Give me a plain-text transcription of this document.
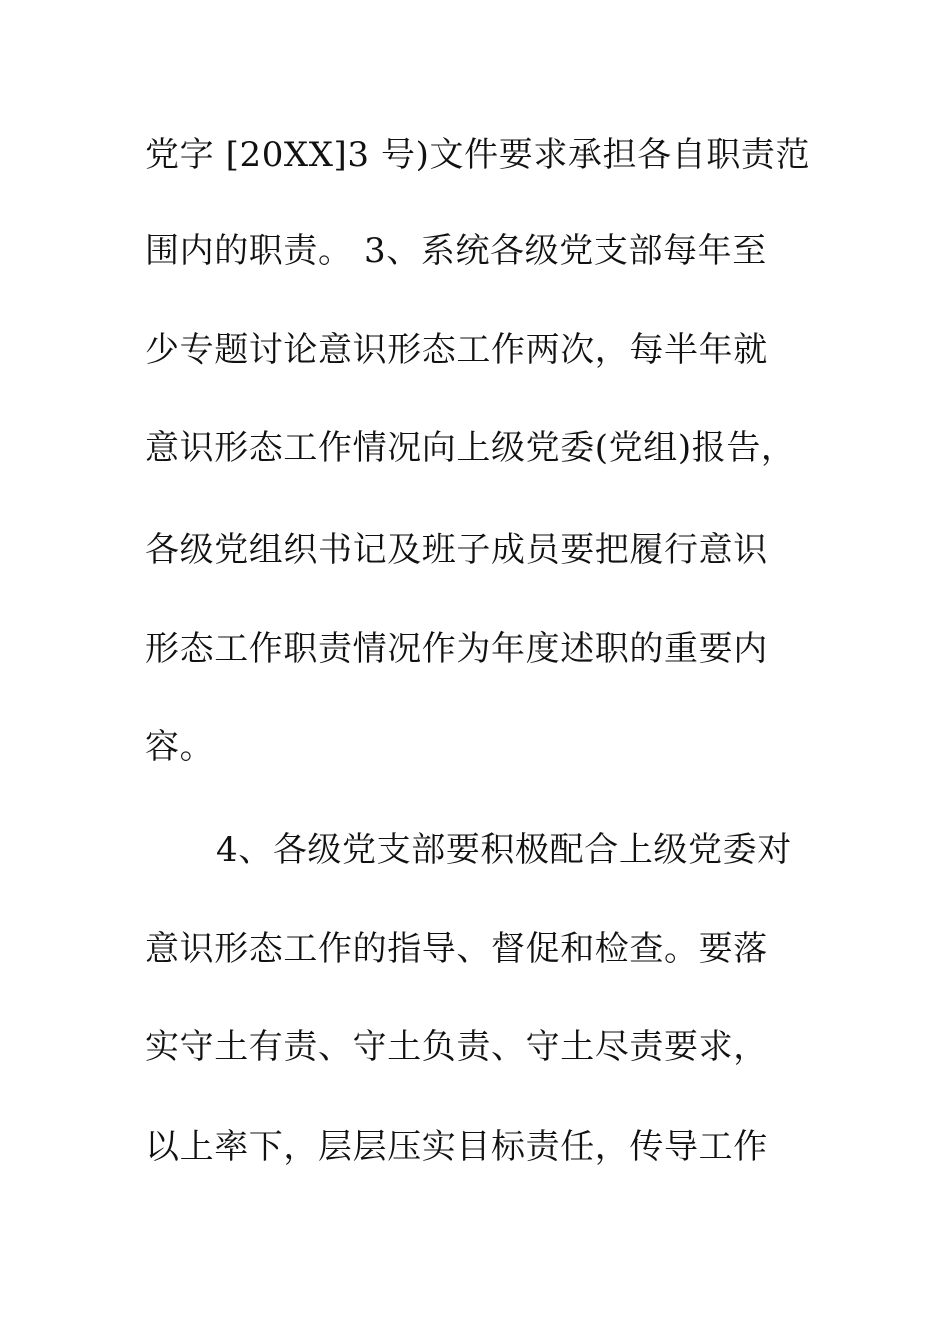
党字 [20XX]3 号)文件要求承担各自职责范
围内的职责。 3、系统各级党支部每年至
少专题讨论意识形态工作两次，每半年就
意识形态工作情况向上级党委(党组)报告，
各级党组织书记及班子成员要把履行意识
形态工作职责情况作为年度述职的重要内
容。
4、各级党支部要积极配合上级党委对
意识形态工作的指导、督促和检查。要落
实守土有责、守土负责、守土尽责要求，
以上率下，层层压实目标责任，传导工作
